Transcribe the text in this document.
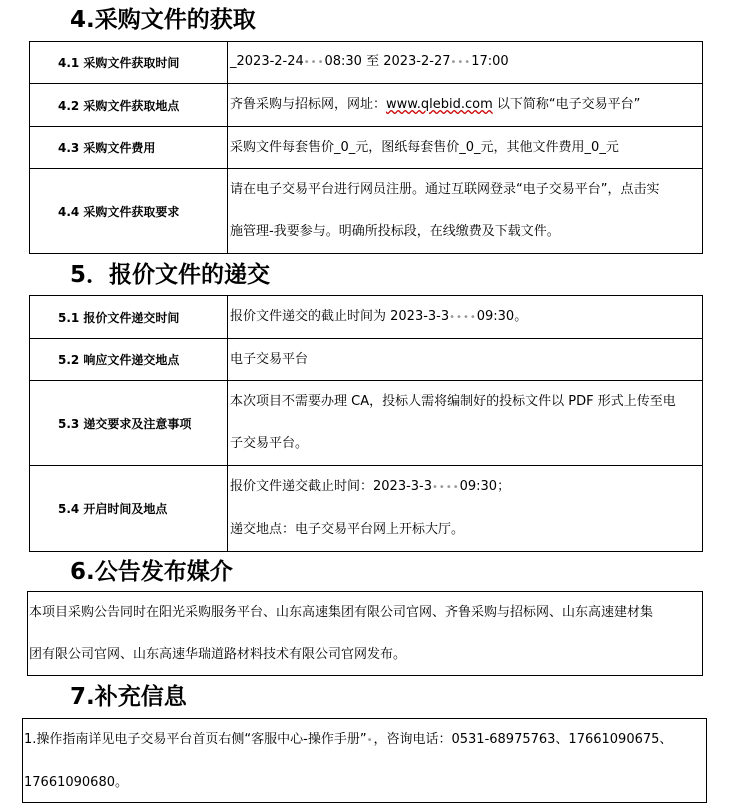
4.采购文件的获取
4.1 采购文件获取时间	_2023-2-24•••08:30 至 2023-2-27•••17:00

4.2 采购文件获取地点	齐鲁采购与招标网，网址：www.qlebid.com 以下简称“电子交易平台”

4.3 采购文件费用	采购文件每套售价_0_元，图纸每套售价_0_元，其他文件费用_0_元
4.4 采购文件获取要求	请在电子交易平台进行网员注册。通过互联网登录“电子交易平台”，点击实
施管理-我要参与。明确所投标段，在线缴费及下载文件。
5．报价文件的递交
5.1 报价文件递交时间	报价文件递交的截止时间为 2023-3-3••••09:30。

5.2 响应文件递交地点	电子交易平台
5.3 递交要求及注意事项	本次项目不需要办理 CA，投标人需将编制好的投标文件以 PDF 形式上传至电
子交易平台。

5.4 开启时间及地点	报价文件递交截止时间：2023-3-3••••09:30；
递交地点：电子交易平台网上开标大厅。
6.公告发布媒介
本项目采购公告同时在阳光采购服务平台、山东高速集团有限公司官网、齐鲁采购与招标网、山东高速建材集
团有限公司官网、山东高速华瑞道路材料技术有限公司官网发布。
7.补充信息
1.操作指南详见电子交易平台首页右侧“客服中心-操作手册”•，咨询电话：0531-68975763、17661090675、
17661090680。
